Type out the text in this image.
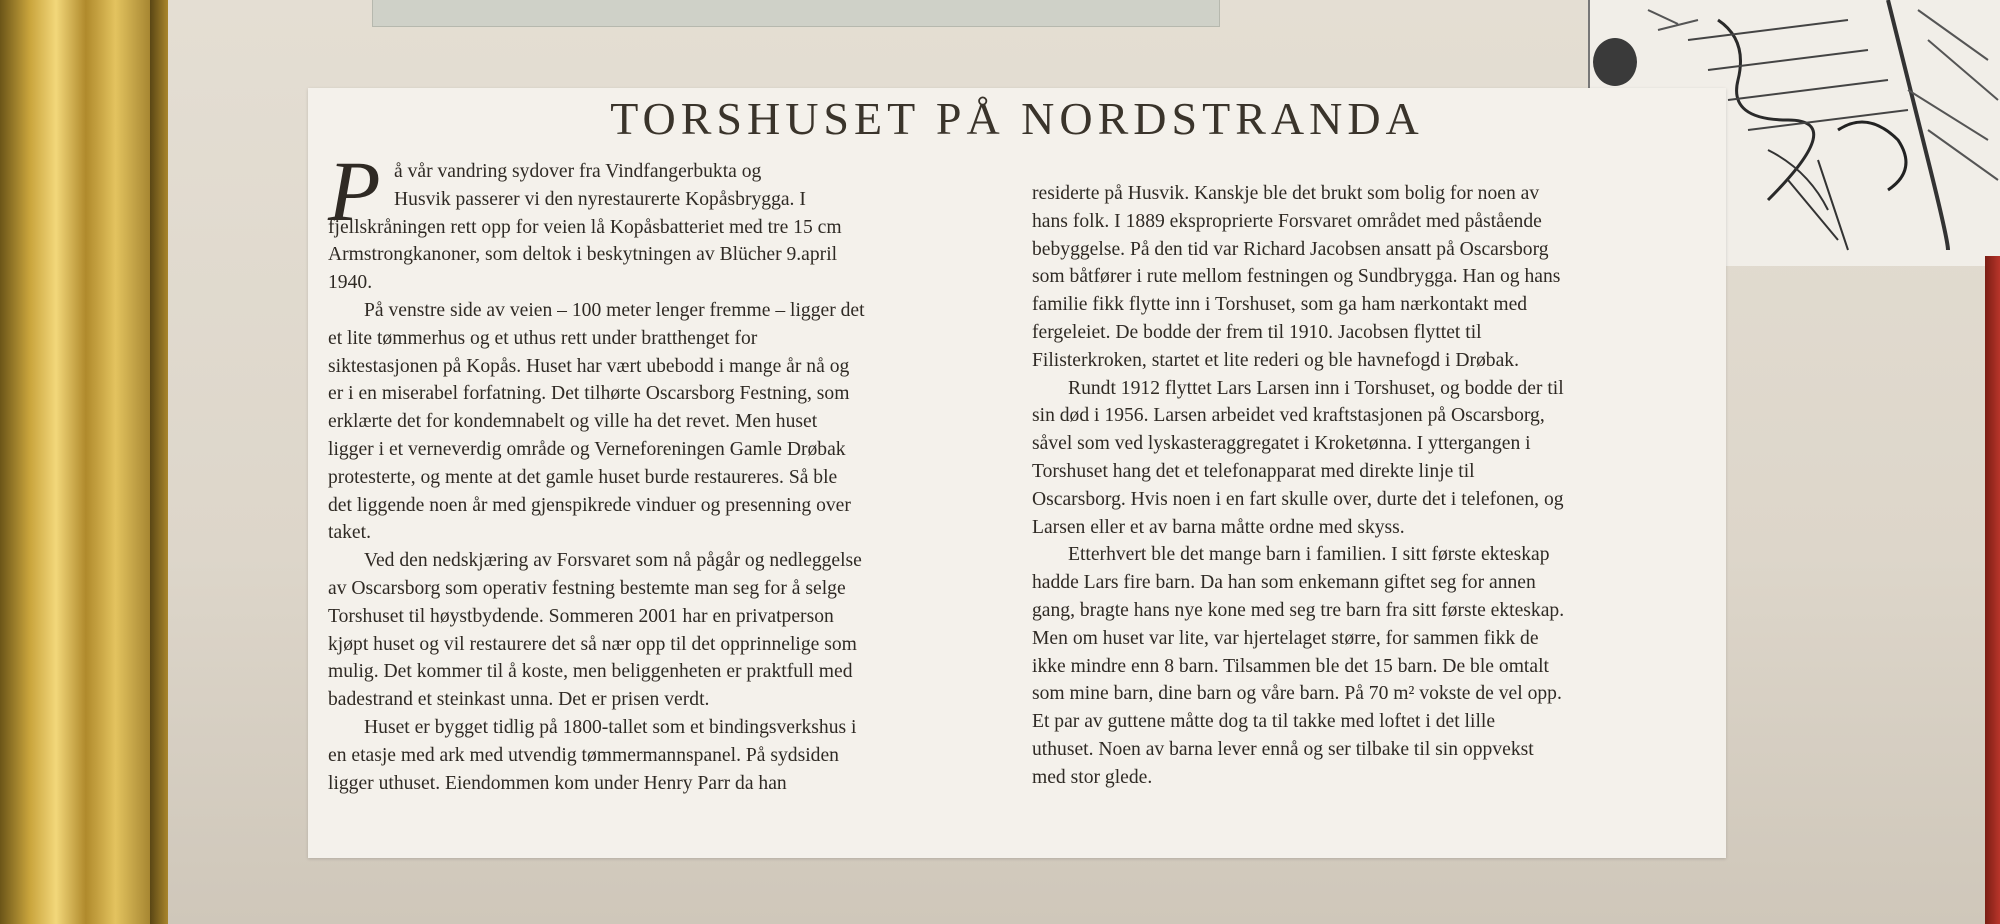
TORSHUSET PÅ NORDSTRANDA
P å vår vandring sydover fra Vindfangerbukta og
Husvik passerer vi den nyrestaurerte Kopåsbrygga. I
fjellskråningen rett opp for veien lå Kopåsbatteriet med tre 15 cm
Armstrongkanoner, som deltok i beskytningen av Blücher 9.april
1940.
På venstre side av veien – 100 meter lenger fremme – ligger det
et lite tømmerhus og et uthus rett under bratthenget for
siktestasjonen på Kopås. Huset har vært ubebodd i mange år nå og
er i en miserabel forfatning. Det tilhørte Oscarsborg Festning, som
erklærte det for kondemnabelt og ville ha det revet. Men huset
ligger i et verneverdig område og Verneforeningen Gamle Drøbak
protesterte, og mente at det gamle huset burde restaureres. Så ble
det liggende noen år med gjenspikrede vinduer og presenning over
taket.
Ved den nedskjæring av Forsvaret som nå pågår og nedleggelse
av Oscarsborg som operativ festning bestemte man seg for å selge
Torshuset til høystbydende. Sommeren 2001 har en privatperson
kjøpt huset og vil restaurere det så nær opp til det opprinnelige som
mulig. Det kommer til å koste, men beliggenheten er praktfull med
badestrand et steinkast unna. Det er prisen verdt.
Huset er bygget tidlig på 1800-tallet som et bindingsverkshus i
en etasje med ark med utvendig tømmermannspanel. På sydsiden
ligger uthuset. Eiendommen kom under Henry Parr da han
residerte på Husvik. Kanskje ble det brukt som bolig for noen av
hans folk. I 1889 eksproprierte Forsvaret området med påstående
bebyggelse. På den tid var Richard Jacobsen ansatt på Oscarsborg
som båtfører i rute mellom festningen og Sundbrygga. Han og hans
familie fikk flytte inn i Torshuset, som ga ham nærkontakt med
fergeleiet. De bodde der frem til 1910. Jacobsen flyttet til
Filisterkroken, startet et lite rederi og ble havnefogd i Drøbak.
Rundt 1912 flyttet Lars Larsen inn i Torshuset, og bodde der til
sin død i 1956. Larsen arbeidet ved kraftstasjonen på Oscarsborg,
såvel som ved lyskasteraggregatet i Kroketønna. I yttergangen i
Torshuset hang det et telefonapparat med direkte linje til
Oscarsborg. Hvis noen i en fart skulle over, durte det i telefonen, og
Larsen eller et av barna måtte ordne med skyss.
Etterhvert ble det mange barn i familien. I sitt første ekteskap
hadde Lars fire barn. Da han som enkemann giftet seg for annen
gang, bragte hans nye kone med seg tre barn fra sitt første ekteskap.
Men om huset var lite, var hjertelaget større, for sammen fikk de
ikke mindre enn 8 barn. Tilsammen ble det 15 barn. De ble omtalt
som mine barn, dine barn og våre barn. På 70 m² vokste de vel opp.
Et par av guttene måtte dog ta til takke med loftet i det lille
uthuset. Noen av barna lever ennå og ser tilbake til sin oppvekst
med stor glede.
